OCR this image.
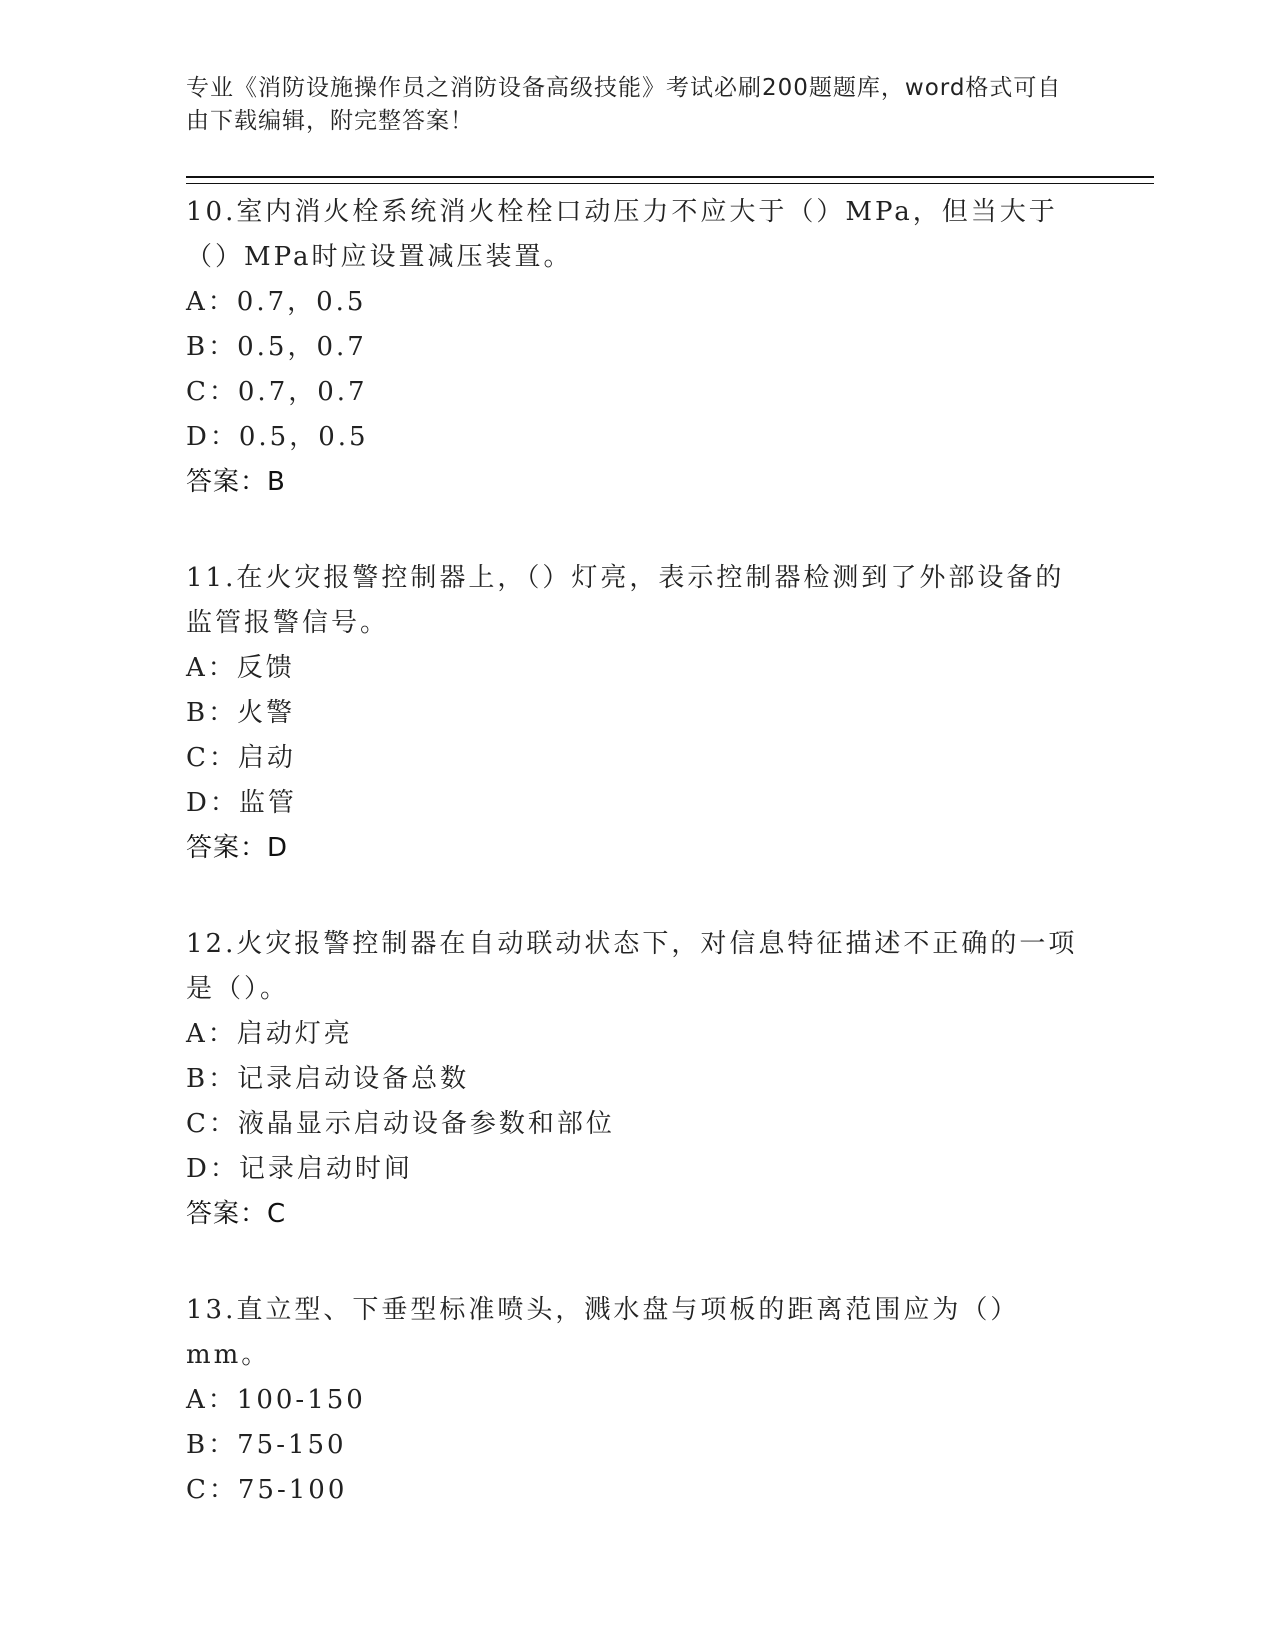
专业《消防设施操作员之消防设备高级技能》考试必刷200题题库，word格式可自由下载编辑，附完整答案！
10.室内消火栓系统消火栓栓口动压力不应大于（）MPa，但当大于（）MPa时应设置减压装置。
A：0.7，0.5
B：0.5，0.7
C：0.7，0.7
D：0.5，0.5
答案：B
11.在火灾报警控制器上，（）灯亮，表示控制器检测到了外部设备的监管报警信号。
A：反馈
B：火警
C：启动
D：监管
答案：D
12.火灾报警控制器在自动联动状态下，对信息特征描述不正确的一项是（）。
A：启动灯亮
B：记录启动设备总数
C：液晶显示启动设备参数和部位
D：记录启动时间
答案：C
13.直立型、下垂型标准喷头，溅水盘与项板的距离范围应为（）mm。
A：100-150
B：75-150
C：75-100
